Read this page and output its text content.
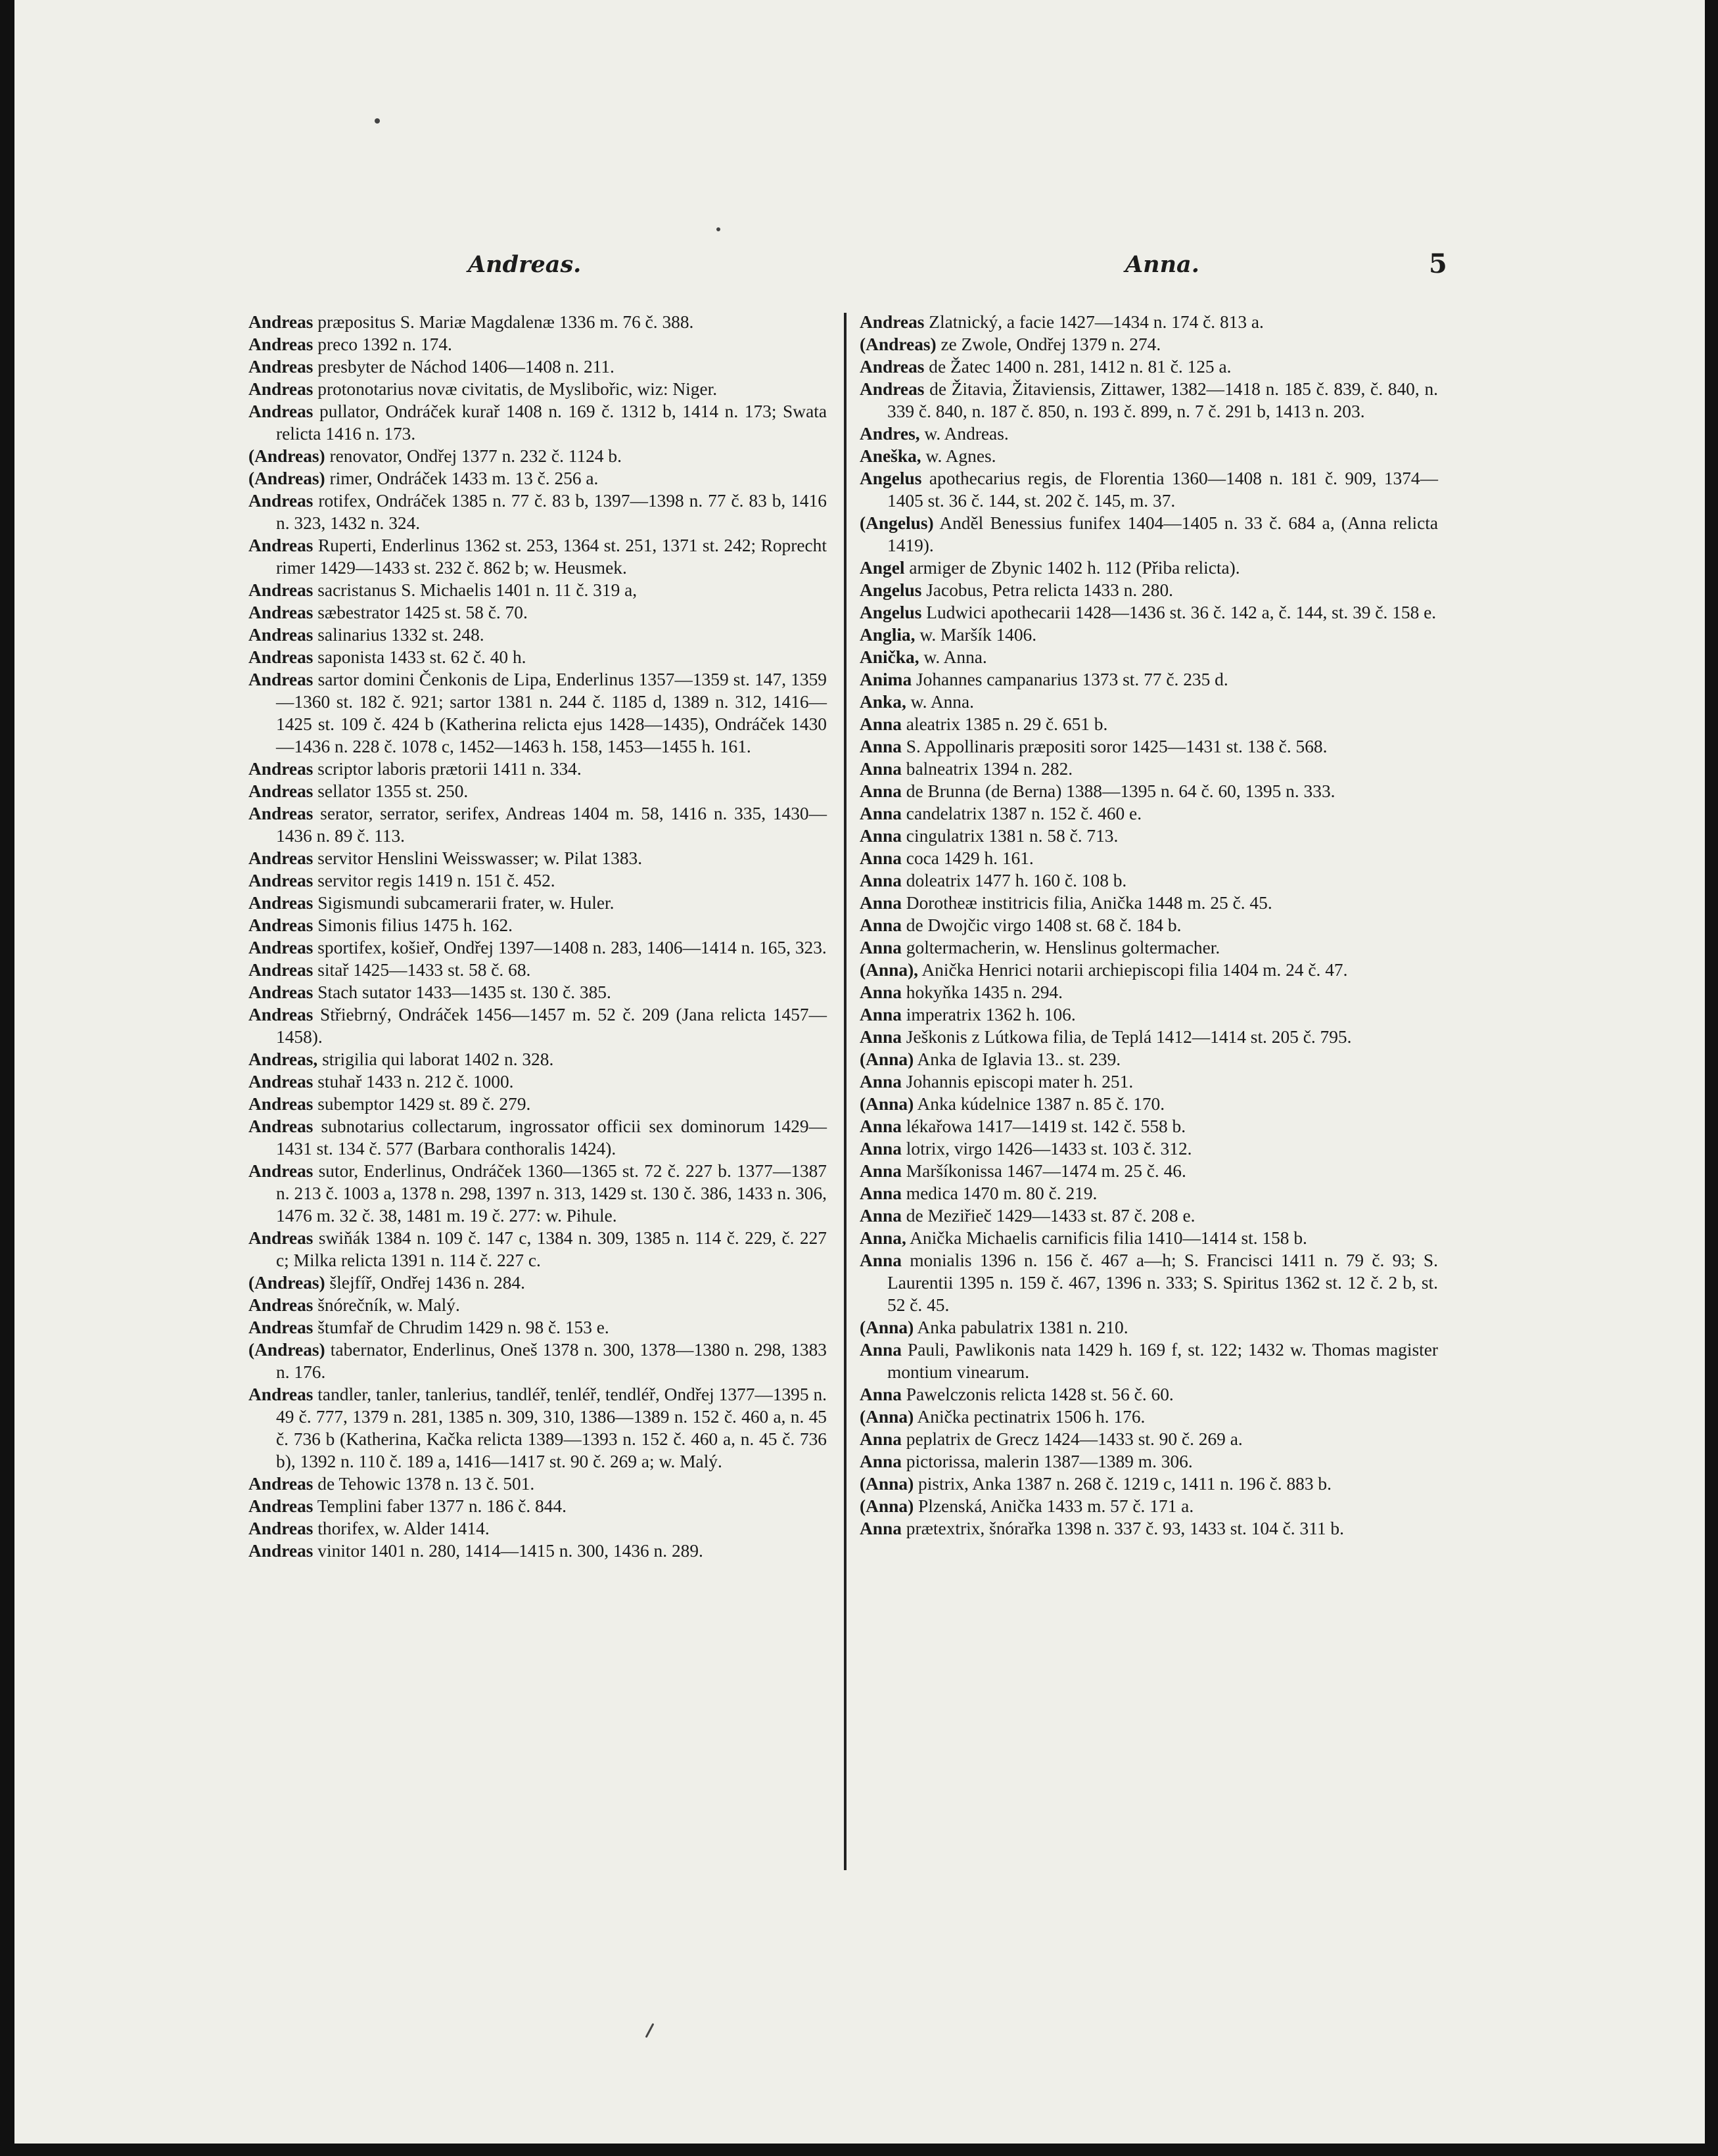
Andreas.	Anna.	5

Andreas præpositus S. Mariæ Magdalenæ 1336 m. 76 č. 388.

Andreas preco 1392 n. 174.

Andreas presbyter de Náchod 1406—1408 n. 211.

Andreas protonotarius novæ civitatis, de Myslibořic, wiz: Niger.

Andreas pullator, Ondráček kurař 1408 n. 169 č. 1312 b, 1414 n. 173; Swata relicta 1416 n. 173.

(Andreas) renovator, Ondřej 1377 n. 232 č. 1124 b.

(Andreas) rimer, Ondráček 1433 m. 13 č. 256 a.

Andreas rotifex, Ondráček 1385 n. 77 č. 83 b, 1397—1398 n. 77 č. 83 b, 1416 n. 323, 1432 n. 324.

Andreas Ruperti, Enderlinus 1362 st. 253, 1364 st. 251, 1371 st. 242; Roprecht rimer 1429—1433 st. 232 č. 862 b; w. Heusmek.

Andreas sacristanus S. Michaelis 1401 n. 11 č. 319 a,

Andreas sæbestrator 1425 st. 58 č. 70.

Andreas salinarius 1332 st. 248.

Andreas saponista 1433 st. 62 č. 40 h.

Andreas sartor domini Čenkonis de Lipa, Enderlinus 1357—1359 st. 147, 1359—1360 st. 182 č. 921; sartor 1381 n. 244 č. 1185 d, 1389 n. 312, 1416—1425 st. 109 č. 424 b (Katherina relicta ejus 1428—1435), Ondráček 1430—1436 n. 228 č. 1078 c, 1452—1463 h. 158, 1453—1455 h. 161.

Andreas scriptor laboris prætorii 1411 n. 334.

Andreas sellator 1355 st. 250.

Andreas serator, serrator, serifex, Andreas 1404 m. 58, 1416 n. 335, 1430—1436 n. 89 č. 113.

Andreas servitor Henslini Weisswasser; w. Pilat 1383.

Andreas servitor regis 1419 n. 151 č. 452.

Andreas Sigismundi subcamerarii frater, w. Huler.

Andreas Simonis filius 1475 h. 162.

Andreas sportifex, košieř, Ondřej 1397—1408 n. 283, 1406—1414 n. 165, 323.

Andreas sitař 1425—1433 st. 58 č. 68.

Andreas Stach sutator 1433—1435 st. 130 č. 385.

Andreas Střiebrný, Ondráček 1456—1457 m. 52 č. 209 (Jana relicta 1457—1458).

Andreas, strigilia qui laborat 1402 n. 328.

Andreas stuhař 1433 n. 212 č. 1000.

Andreas subemptor 1429 st. 89 č. 279.

Andreas subnotarius collectarum, ingrossator officii sex dominorum 1429—1431 st. 134 č. 577 (Barbara conthoralis 1424).

Andreas sutor, Enderlinus, Ondráček 1360—1365 st. 72 č. 227 b. 1377—1387 n. 213 č. 1003 a, 1378 n. 298, 1397 n. 313, 1429 st. 130 č. 386, 1433 n. 306, 1476 m. 32 č. 38, 1481 m. 19 č. 277: w. Pihule.

Andreas swiňák 1384 n. 109 č. 147 c, 1384 n. 309, 1385 n. 114 č. 229, č. 227 c; Milka relicta 1391 n. 114 č. 227 c.

(Andreas) šlejfíř, Ondřej 1436 n. 284.

Andreas šnórečník, w. Malý.

Andreas štumfař de Chrudim 1429 n. 98 č. 153 e.

(Andreas) tabernator, Enderlinus, Oneš 1378 n. 300, 1378—1380 n. 298, 1383 n. 176.

Andreas tandler, tanler, tanlerius, tandléř, tenléř, tendléř, Ondřej 1377—1395 n. 49 č. 777, 1379 n. 281, 1385 n. 309, 310, 1386—1389 n. 152 č. 460 a, n. 45 č. 736 b (Katherina, Kačka relicta 1389—1393 n. 152 č. 460 a, n. 45 č. 736 b), 1392 n. 110 č. 189 a, 1416—1417 st. 90 č. 269 a; w. Malý.

Andreas de Tehowic 1378 n. 13 č. 501.

Andreas Templini faber 1377 n. 186 č. 844.

Andreas thorifex, w. Alder 1414.

Andreas vinitor 1401 n. 280, 1414—1415 n. 300, 1436 n. 289.

Andreas Zlatnický, a facie 1427—1434 n. 174 č. 813 a.

(Andreas) ze Zwole, Ondřej 1379 n. 274.

Andreas de Žatec 1400 n. 281, 1412 n. 81 č. 125 a.

Andreas de Žitavia, Žitaviensis, Zittawer, 1382—1418 n. 185 č. 839, č. 840, n. 339 č. 840, n. 187 č. 850, n. 193 č. 899, n. 7 č. 291 b, 1413 n. 203.

Andres, w. Andreas.

Aneška, w. Agnes.

Angelus apothecarius regis, de Florentia 1360—1408 n. 181 č. 909, 1374—1405 st. 36 č. 144, st. 202 č. 145, m. 37.

(Angelus) Anděl Benessius funifex 1404—1405 n. 33 č. 684 a, (Anna relicta 1419).

Angel armiger de Zbynic 1402 h. 112 (Přiba relicta).

Angelus Jacobus, Petra relicta 1433 n. 280.

Angelus Ludwici apothecarii 1428—1436 st. 36 č. 142 a, č. 144, st. 39 č. 158 e.

Anglia, w. Maršík 1406.

Anička, w. Anna.

Anima Johannes campanarius 1373 st. 77 č. 235 d.

Anka, w. Anna.

Anna aleatrix 1385 n. 29 č. 651 b.

Anna S. Appollinaris præpositi soror 1425—1431 st. 138 č. 568.

Anna balneatrix 1394 n. 282.

Anna de Brunna (de Berna) 1388—1395 n. 64 č. 60, 1395 n. 333.

Anna candelatrix 1387 n. 152 č. 460 e.

Anna cingulatrix 1381 n. 58 č. 713.

Anna coca 1429 h. 161.

Anna doleatrix 1477 h. 160 č. 108 b.

Anna Dorotheæ institricis filia, Anička 1448 m. 25 č. 45.

Anna de Dwojčic virgo 1408 st. 68 č. 184 b.

Anna goltermacherin, w. Henslinus goltermacher.

(Anna), Anička Henrici notarii archiepiscopi filia 1404 m. 24 č. 47.

Anna hokyňka 1435 n. 294.

Anna imperatrix 1362 h. 106.

Anna Ješkonis z Lútkowa filia, de Teplá 1412—1414 st. 205 č. 795.

(Anna) Anka de Iglavia 13.. st. 239.

Anna Johannis episcopi mater h. 251.

(Anna) Anka kúdelnice 1387 n. 85 č. 170.

Anna lékařowa 1417—1419 st. 142 č. 558 b.

Anna lotrix, virgo 1426—1433 st. 103 č. 312.

Anna Maršíkonissa 1467—1474 m. 25 č. 46.

Anna medica 1470 m. 80 č. 219.

Anna de Meziřieč 1429—1433 st. 87 č. 208 e.

Anna, Anička Michaelis carnificis filia 1410—1414 st. 158 b.

Anna monialis 1396 n. 156 č. 467 a—h; S. Francisci 1411 n. 79 č. 93; S. Laurentii 1395 n. 159 č. 467, 1396 n. 333; S. Spiritus 1362 st. 12 č. 2 b, st. 52 č. 45.

(Anna) Anka pabulatrix 1381 n. 210.

Anna Pauli, Pawlikonis nata 1429 h. 169 f, st. 122; 1432 w. Thomas magister montium vinearum.

Anna Pawelczonis relicta 1428 st. 56 č. 60.

(Anna) Anička pectinatrix 1506 h. 176.

Anna peplatrix de Grecz 1424—1433 st. 90 č. 269 a.

Anna pictorissa, malerin 1387—1389 m. 306.

(Anna) pistrix, Anka 1387 n. 268 č. 1219 c, 1411 n. 196 č. 883 b.

(Anna) Plzenská, Anička 1433 m. 57 č. 171 a.

Anna prætextrix, šnórařka 1398 n. 337 č. 93, 1433 st. 104 č. 311 b.
